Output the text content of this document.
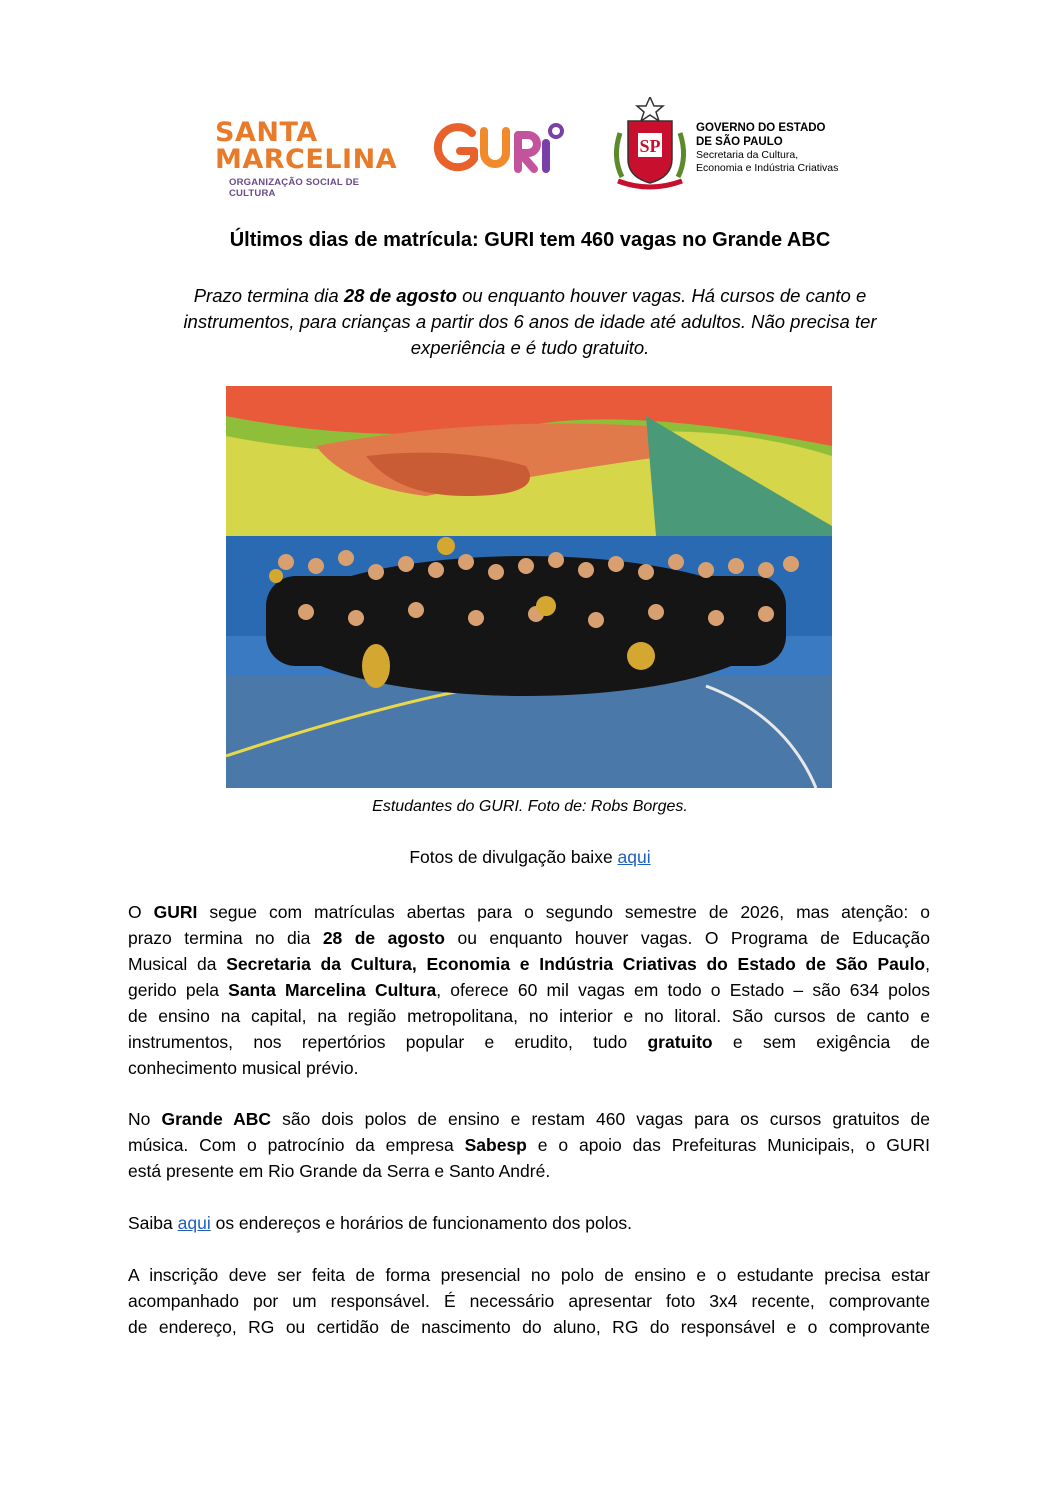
SANTA
MARCELINA
ORGANIZAÇÃO SOCIAL DE CULTURA
SP
GOVERNO DO ESTADO
DE SÃO PAULO
Secretaria da Cultura,
Economia e Indústria Criativas
Últimos dias de matrícula: GURI tem 460 vagas no Grande ABC
Prazo termina dia 28 de agosto ou enquanto houver vagas. Há cursos de canto e
instrumentos, para crianças a partir dos 6 anos de idade até adultos. Não precisa ter
experiência e é tudo gratuito.
Estudantes do GURI. Foto de: Robs Borges.
Fotos de divulgação baixe aqui
O GURI segue com matrículas abertas para o segundo semestre de 2026, mas atenção: o
prazo termina no dia 28 de agosto ou enquanto houver vagas. O Programa de Educação
Musical da Secretaria da Cultura, Economia e Indústria Criativas do Estado de São Paulo,
gerido pela Santa Marcelina Cultura, oferece 60 mil vagas em todo o Estado – são 634 polos
de ensino na capital, na região metropolitana, no interior e no litoral. São cursos de canto e
instrumentos, nos repertórios popular e erudito, tudo gratuito e sem exigência de
conhecimento musical prévio.
No Grande ABC são dois polos de ensino e restam 460 vagas para os cursos gratuitos de
música. Com o patrocínio da empresa Sabesp e o apoio das Prefeituras Municipais, o GURI
está presente em Rio Grande da Serra e Santo André.
Saiba aqui os endereços e horários de funcionamento dos polos.
A inscrição deve ser feita de forma presencial no polo de ensino e o estudante precisa estar
acompanhado por um responsável. É necessário apresentar foto 3x4 recente, comprovante
de endereço, RG ou certidão de nascimento do aluno, RG do responsável e o comprovante
